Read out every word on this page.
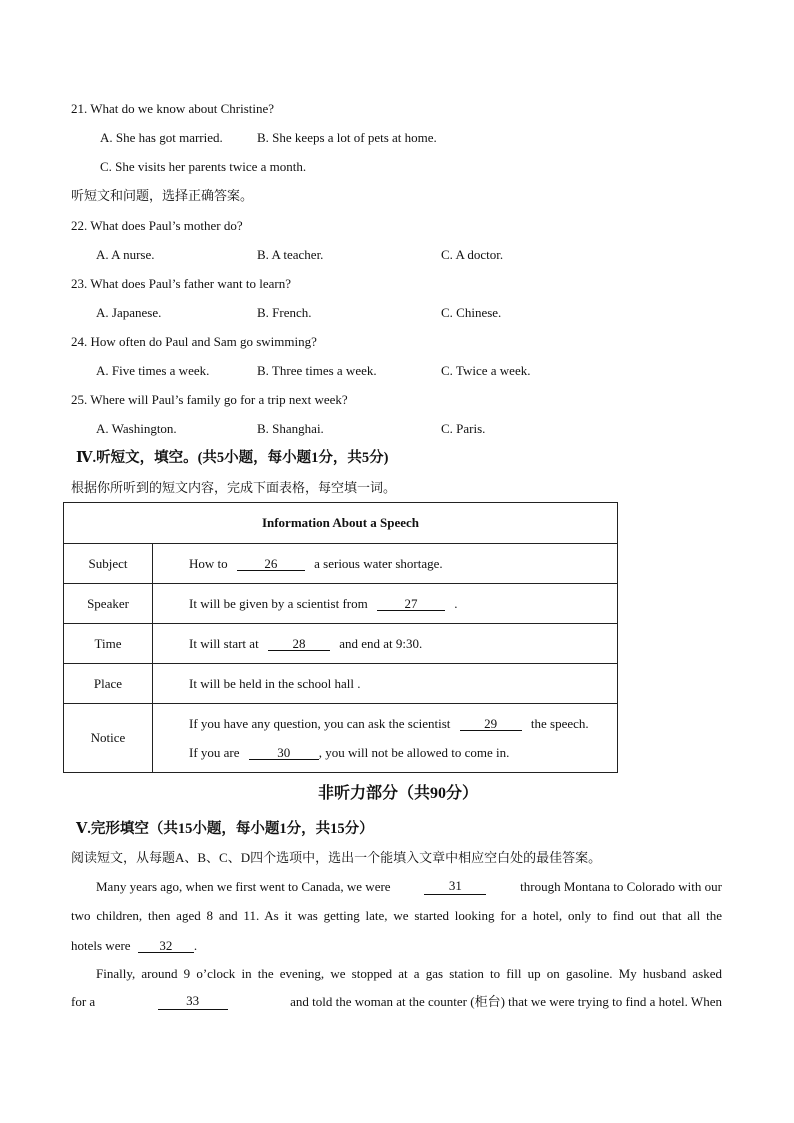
21. What do we know about Christine?
A. She has got married.	B. She keeps a lot of pets at home.
C. She visits her parents twice a month.
听短文和问题，选择正确答案。
22. What does Paul’s mother do?
A. A nurse.	B. A teacher.	C. A doctor.
23. What does Paul’s father want to learn?
A. Japanese.	B. French.	C. Chinese.
24. How often do Paul and Sam go swimming?
A. Five times a week.	B. Three times a week.	C. Twice a week.
25. Where will Paul’s family go for a trip next week?
A. Washington.	B. Shanghai.	C. Paris.
Ⅳ.听短文，填空。(共5小题，每小题1分，共5分)
根据你所听到的短文内容，完成下面表格，每空填一词。
Information About a Speech	
Subject	How to 26 a serious water shortage.
Speaker	It will be given by a scientist from 27 .
Time	It will start at 28 and end at 9:30.
Place	It will be held in the school hall .
Notice	If you have any question, you can ask the scientist 29 the speech.
If you are 30 , you will not be allowed to come in.
非听力部分（共90分）
Ⅴ.完形填空（共15小题，每小题1分，共15分）
阅读短文，从每题A、B、C、D四个选项中，选出一个能填入文章中相应空白处的最佳答案。
Many years ago, when we first went to Canada, we were	31	through Montana to Colorado with our
two children, then aged 8 and 11. As it was getting late, we started looking for a hotel, only to find out that all the
hotels were 32 .
Finally, around 9 o’clock in the evening, we stopped at a gas station to fill up on gasoline. My husband asked
for a	33	and told the woman at the counter (柜台) that we were trying to find a hotel. When
